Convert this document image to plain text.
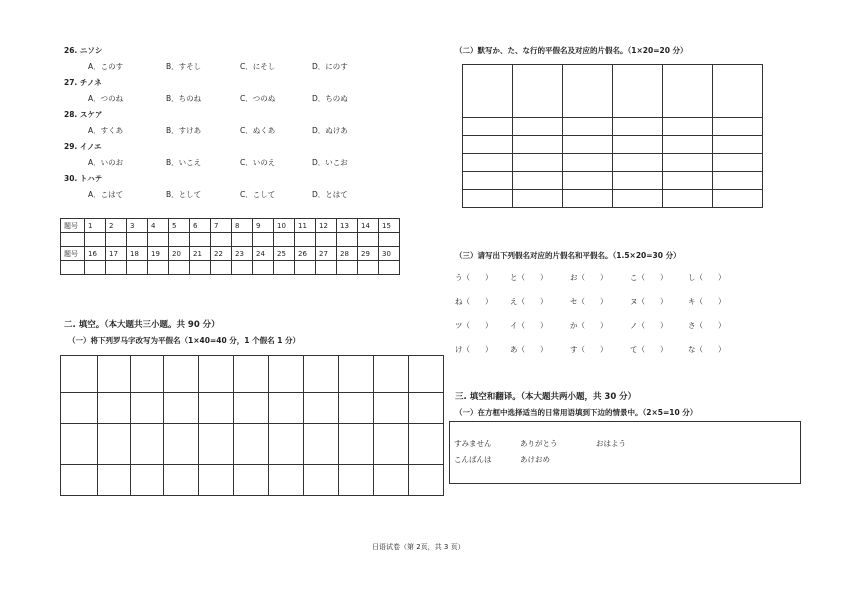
26. ニソシ
A．このす	B．すそし	C．にそし	D．にのす
27. チノネ
A．つのね	B．ちのね	C．つのぬ	D．ちのぬ
28. スケア
A．すくあ	B．すけあ	C．ぬくあ	D．ぬけあ
29. イノエ
A．いのお	B．いこえ	C．いのえ	D．いこお
30. トハテ
A．こはて	B．として	C．こして	D．とはて
题号	1	2	3	4	5	6	7	8	9	10	11	12	13	14	15

题号	16	17	18	19	20	21	22	23	24	25	26	27	28	29	30

二. 填空。（本大题共三小题。共 90 分）
（一）将下列罗马字改写为平假名（1×40=40 分，1 个假名 1 分）

（二）默写か、た、な行的平假名及对应的片假名。（1×20=20 分）

（三）请写出下列假名对应的片假名和平假名。（1.5×20=30 分）
う（　　） と（　　）	お（　　）	こ（　　）	し（　　）
ね（　　） え（　　）	セ（　　）	ヌ（　　）	キ（　　）
ツ（　　） イ（　　）	か（　　）	ノ（　　）	さ（　　）
け（　　） あ（　　）	す（　　）	て（　　）	な（　　）
三. 填空和翻译。（本大题共两小题，共 30 分）
（一）在方框中选择适当的日常用语填到下边的情景中。（2×5=10 分）
すみません	ありがとう	おはよう
こんばんは	あけおめ
日语试卷（第 2页，共 3 页）
